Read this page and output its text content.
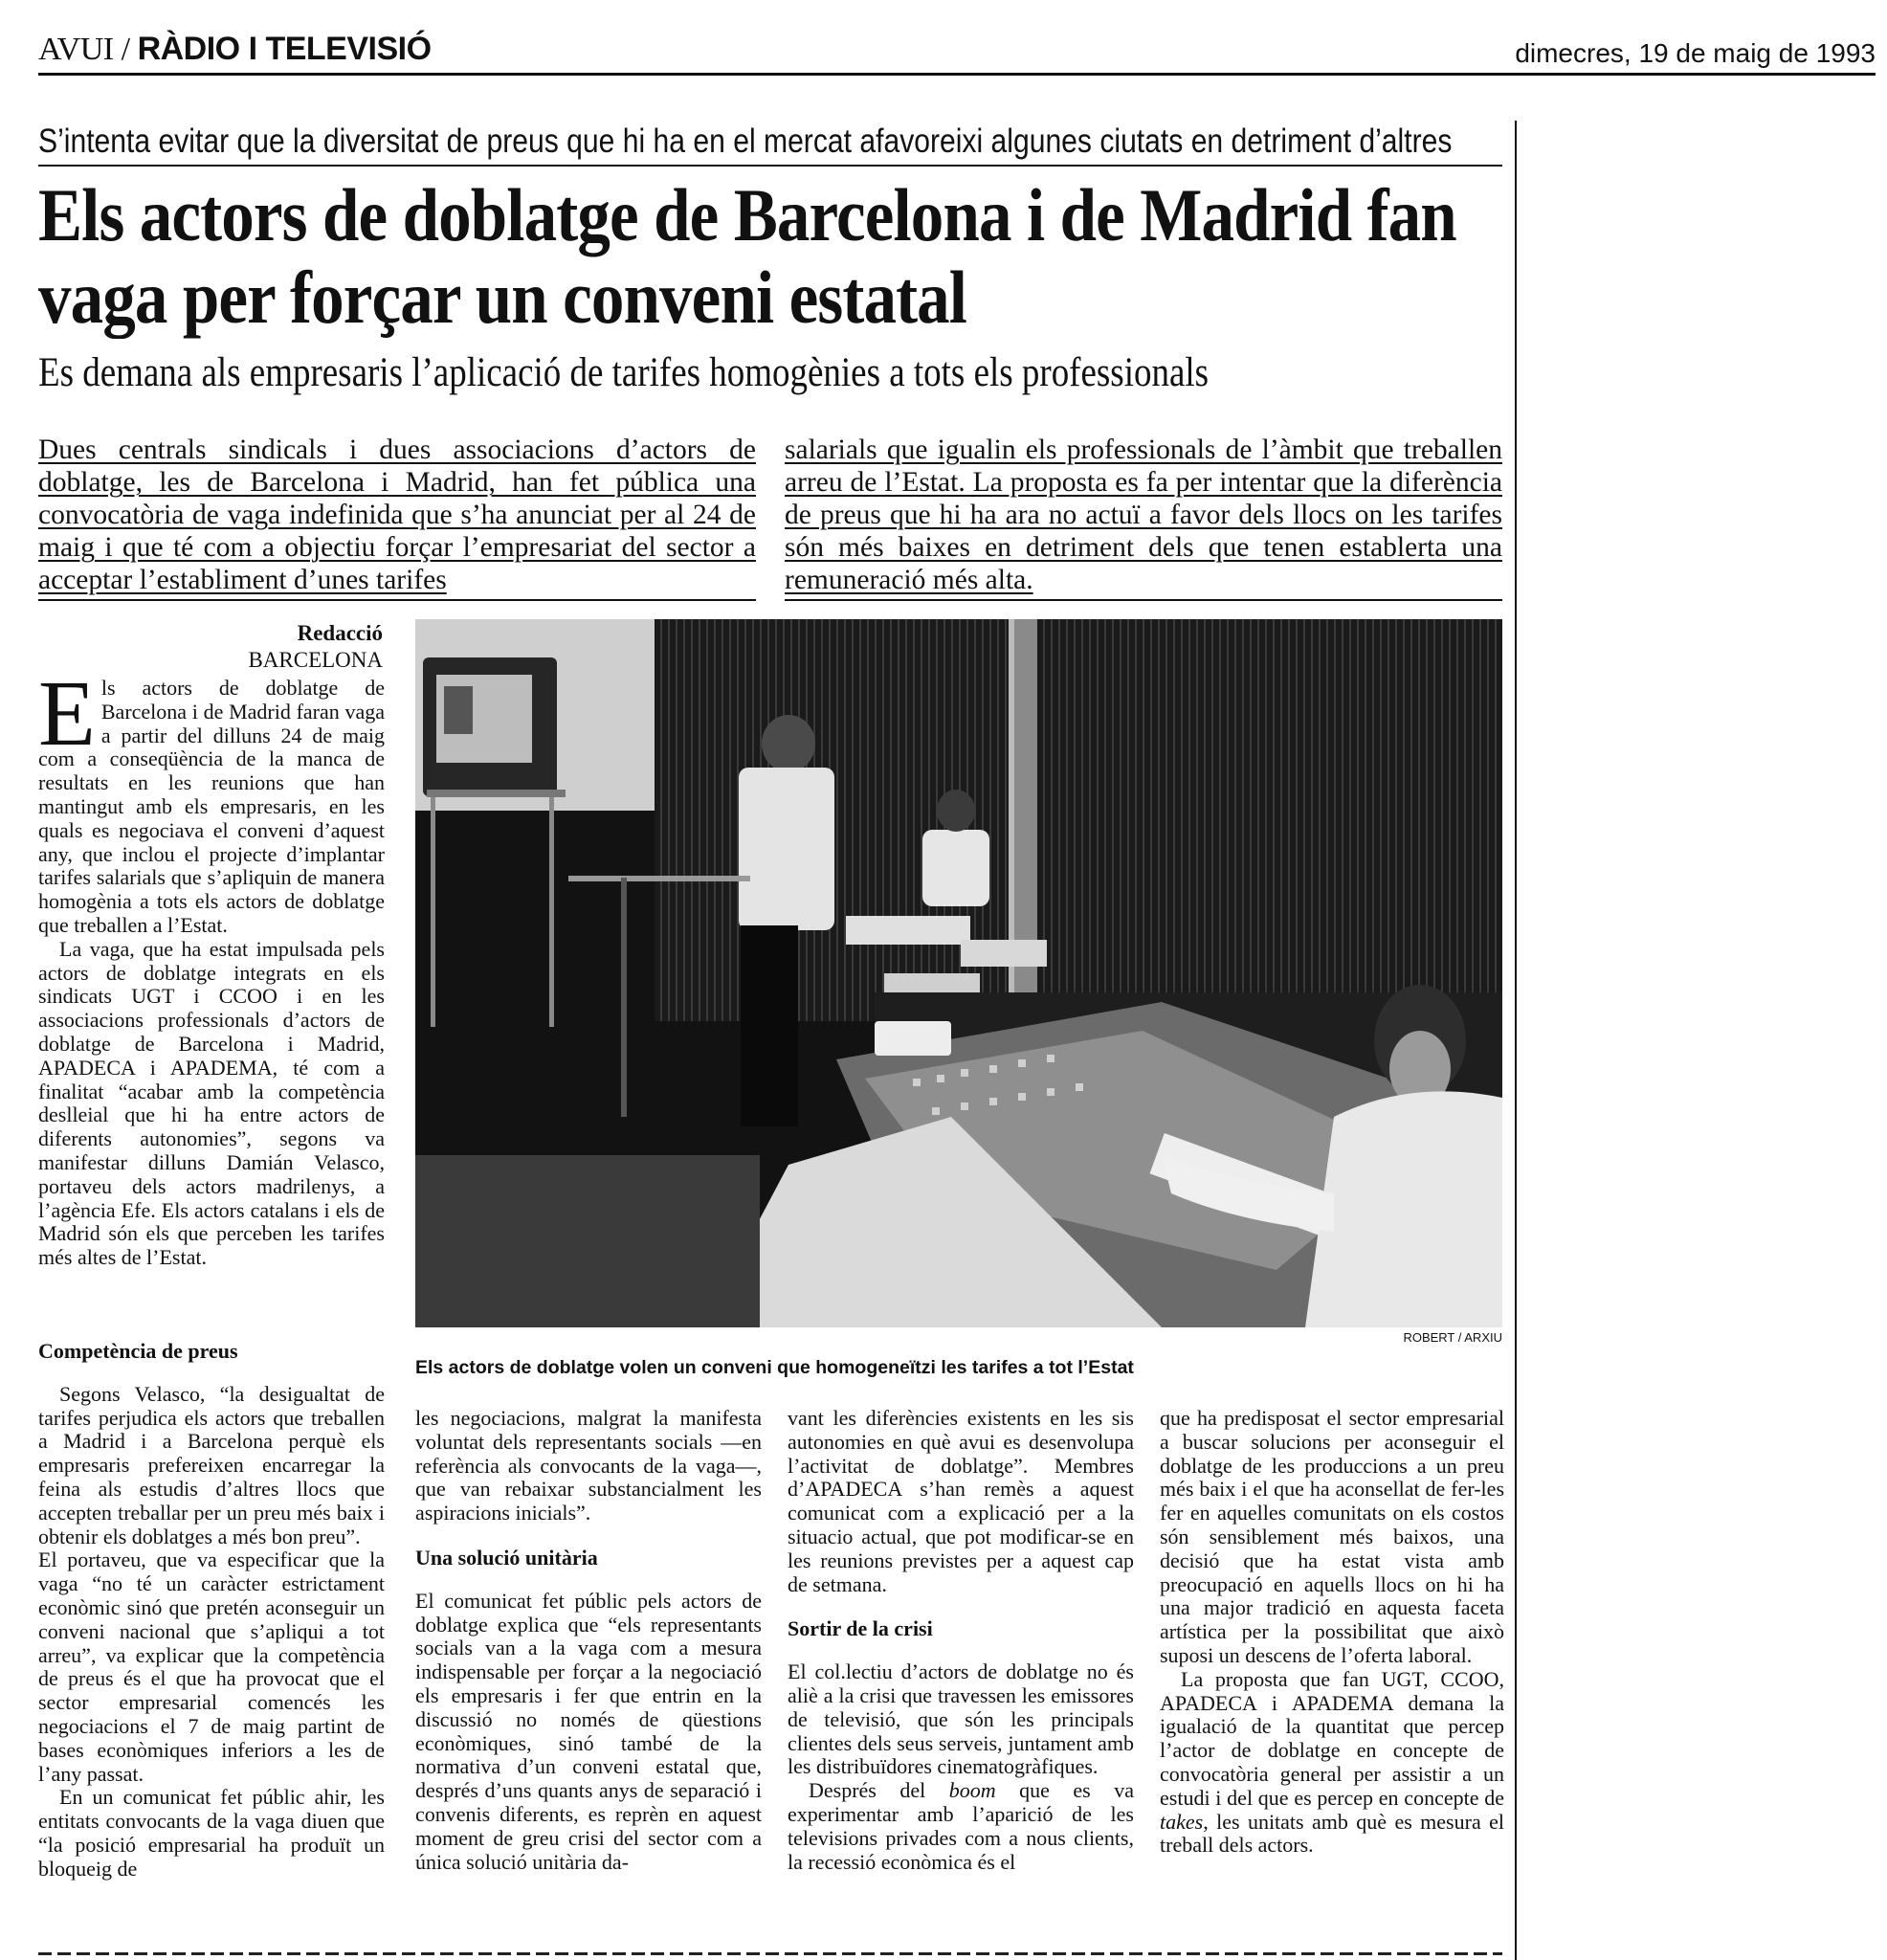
AVUI / RÀDIO I TELEVISIÓ	dimecres, 19 de maig de 1993
S’intenta evitar que la diversitat de preus que hi ha en el mercat afavoreixi algunes ciutats en detriment d’altres
Els actors de doblatge de Barcelona i de Madrid fan vaga per forçar un conveni estatal
Es demana als empresaris l’aplicació de tarifes homogènies a tots els professionals
Dues centrals sindicals i dues associacions d’actors de doblatge, les de Barcelona i Madrid, han fet pública una convocatòria de vaga indefinida que s’ha anunciat per al 24 de maig i que té com a objectiu forçar l’empresariat del sector a acceptar l’establiment d’unes tarifes
salarials que igualin els professionals de l’àmbit que treballen arreu de l’Estat. La proposta es fa per intentar que la diferència de preus que hi ha ara no actuï a favor dels llocs on les tarifes són més baixes en detriment dels que tenen establerta una remuneració més alta.
Redacció
BARCELONA

Els actors de doblatge de Barcelona i de Madrid faran vaga a partir del dilluns 24 de maig com a conseqüència de la manca de resultats en les reunions que han mantingut amb els empresaris, en les quals es negociava el conveni d’aquest any, que inclou el projecte d’implantar tarifes salarials que s’apliquin de manera homogènia a tots els actors de doblatge que treballen a l’Estat.

La vaga, que ha estat impulsada pels actors de doblatge integrats en els sindicats UGT i CCOO i en les associacions professionals d’actors de doblatge de Barcelona i Madrid, APADECA i APADEMA, té com a finalitat “acabar amb la competència deslleial que hi ha entre actors de diferents autonomies”, segons va manifestar dilluns Damián Velasco, portaveu dels actors madrilenys, a l’agència Efe. Els actors catalans i els de Madrid són els que perceben les tarifes més altes de l’Estat.

ROBERT / ARXIU
Els actors de doblatge volen un conveni que homogeneïtzi les tarifes a tot l’Estat
Competència de preus

Segons Velasco, “la desigualtat de tarifes perjudica els actors que treballen a Madrid i a Barcelona perquè els empresaris prefereixen encarregar la feina als estudis d’altres llocs que accepten treballar per un preu més baix i obtenir els doblatges a més bon preu”.

El portaveu, que va especificar que la vaga “no té un caràcter estrictament econòmic sinó que pretén aconseguir un conveni nacional que s’apliqui a tot arreu”, va explicar que la competència de preus és el que ha provocat que el sector empresarial comencés les negociacions el 7 de maig partint de bases econòmiques inferiors a les de l’any passat.

En un comunicat fet públic ahir, les entitats convocants de la vaga diuen que “la posició empresarial ha produït un bloqueig de

les negociacions, malgrat la manifesta voluntat dels representants socials —en referència als convocants de la vaga—, que van rebaixar substancialment les aspiracions inicials”.

Una solució unitària

El comunicat fet públic pels actors de doblatge explica que “els representants socials van a la vaga com a mesura indispensable per forçar a la negociació els empresaris i fer que entrin en la discussió no només de qüestions econòmiques, sinó també de la normativa d’un conveni estatal que, després d’uns quants anys de separació i convenis diferents, es reprèn en aquest moment de greu crisi del sector com a única solució unitària da-

vant les diferències existents en les sis autonomies en què avui es desenvolupa l’activitat de doblatge”. Membres d’APADECA s’han remès a aquest comunicat com a explicació per a la situacio actual, que pot modificar-se en les reunions previstes per a aquest cap de setmana.

Sortir de la crisi

El col.lectiu d’actors de doblatge no és aliè a la crisi que travessen les emissores de televisió, que són les principals clientes dels seus serveis, juntament amb les distribuïdores cinematogràfiques.

Després del boom que es va experimentar amb l’aparició de les televisions privades com a nous clients, la recessió econòmica és el

que ha predisposat el sector empresarial a buscar solucions per aconseguir el doblatge de les produccions a un preu més baix i el que ha aconsellat de fer-les fer en aquelles comunitats on els costos són sensiblement més baixos, una decisió que ha estat vista amb preocupació en aquells llocs on hi ha una major tradició en aquesta faceta artística per la possibilitat que això suposi un descens de l’oferta laboral.

La proposta que fan UGT, CCOO, APADECA i APADEMA demana la igualació de la quantitat que percep l’actor de doblatge en concepte de convocatòria general per assistir a un estudi i del que es percep en concepte de takes, les unitats amb què es mesura el treball dels actors.
